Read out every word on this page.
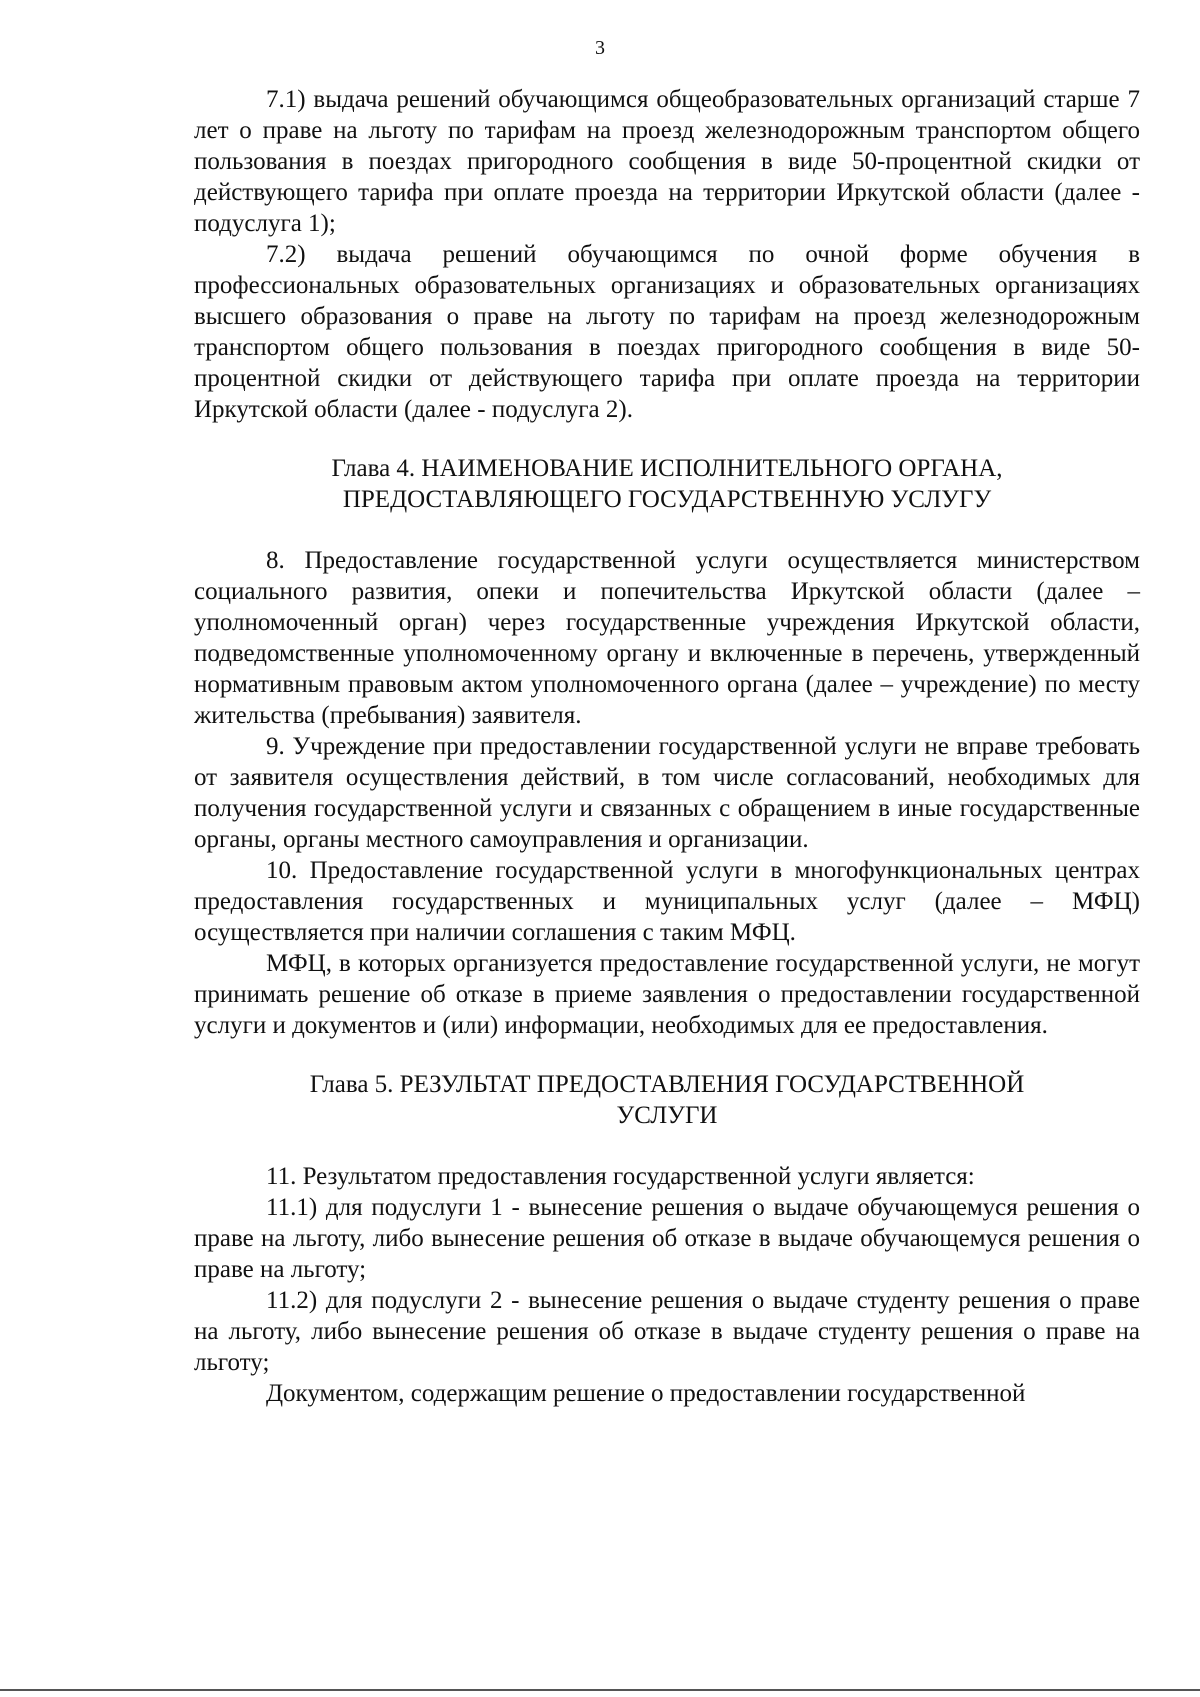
3

7.1) выдача решений обучающимся общеобразовательных организаций старше 7 лет о праве на льготу по тарифам на проезд железнодорожным транспортом общего пользования в поездах пригородного сообщения в виде 50-процентной скидки от действующего тарифа при оплате проезда на территории Иркутской области (далее - подуслуга 1);

7.2) выдача решений обучающимся по очной форме обучения в профессиональных образовательных организациях и образовательных организациях высшего образования о праве на льготу по тарифам на проезд железнодорожным транспортом общего пользования в поездах пригородного сообщения в виде 50-процентной скидки от действующего тарифа при оплате проезда на территории Иркутской области (далее - подуслуга 2).

Глава 4. НАИМЕНОВАНИЕ ИСПОЛНИТЕЛЬНОГО ОРГАНА,
ПРЕДОСТАВЛЯЮЩЕГО ГОСУДАРСТВЕННУЮ УСЛУГУ

8. Предоставление государственной услуги осуществляется министерством социального развития, опеки и попечительства Иркутской области (далее – уполномоченный орган) через государственные учреждения Иркутской области, подведомственные уполномоченному органу и включенные в перечень, утвержденный нормативным правовым актом уполномоченного органа (далее – учреждение) по месту жительства (пребывания) заявителя.

9. Учреждение при предоставлении государственной услуги не вправе требовать от заявителя осуществления действий, в том числе согласований, необходимых для получения государственной услуги и связанных с обращением в иные государственные органы, органы местного самоуправления и организации.

10. Предоставление государственной услуги в многофункциональных центрах предоставления государственных и муниципальных услуг (далее – МФЦ) осуществляется при наличии соглашения с таким МФЦ.

МФЦ, в которых организуется предоставление государственной услуги, не могут принимать решение об отказе в приеме заявления о предоставлении государственной услуги и документов и (или) информации, необходимых для ее предоставления.

Глава 5. РЕЗУЛЬТАТ ПРЕДОСТАВЛЕНИЯ ГОСУДАРСТВЕННОЙ
УСЛУГИ

11. Результатом предоставления государственной услуги является:

11.1) для подуслуги 1 - вынесение решения о выдаче обучающемуся решения о праве на льготу, либо вынесение решения об отказе в выдаче обучающемуся решения о праве на льготу;

11.2) для подуслуги 2 - вынесение решения о выдаче студенту решения о праве на льготу, либо вынесение решения об отказе в выдаче студенту решения о праве на льготу;

Документом, содержащим решение о предоставлении государственной
